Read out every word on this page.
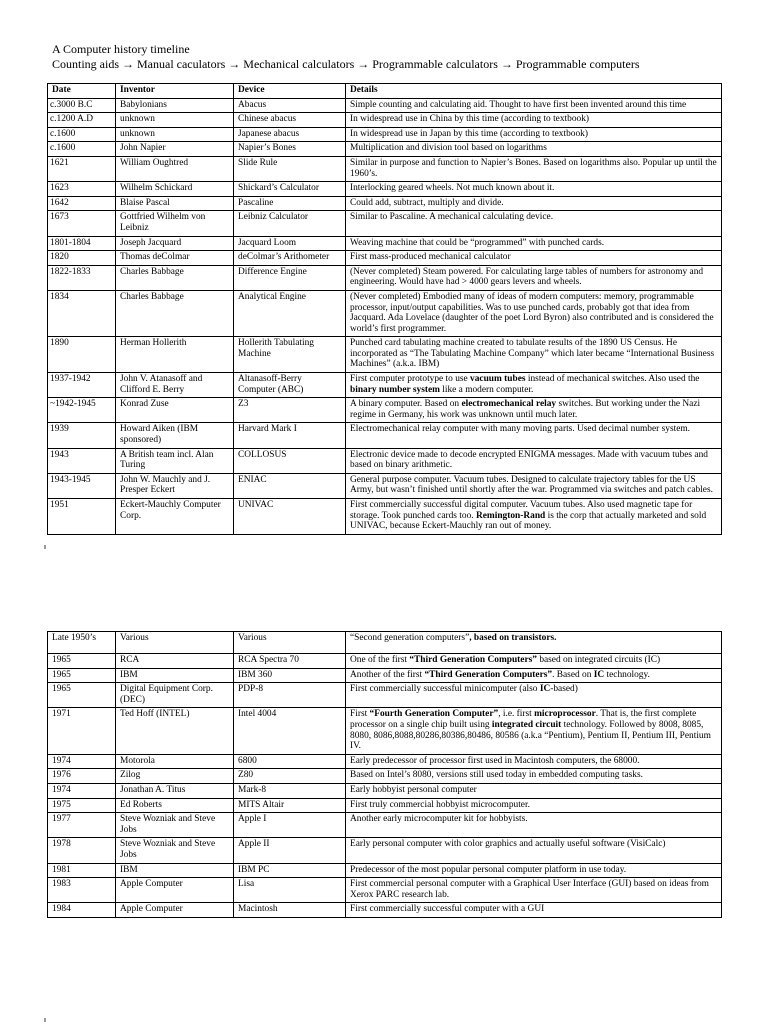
A Computer history timeline
Counting aids → Manual caculators → Mechanical calculators → Programmable calculators → Programmable computers
Date	Inventor	Device	Details
c.3000 B.C	Babylonians	Abacus	Simple counting and calculating aid. Thought to have first been invented around this time
c.1200 A.D	unknown	Chinese abacus	In widespread use in China by this time (according to textbook)
c.1600	unknown	Japanese abacus	In widespread use in Japan by this time (according to textbook)
c.1600	John Napier	Napier’s Bones	Multiplication and division tool based on logarithms
1621	William Oughtred	Slide Rule	Similar in purpose and function to Napier’s Bones. Based on logarithms also. Popular up until the 1960’s.
1623	Wilhelm Schickard	Shickard’s Calculator	Interlocking geared wheels. Not much known about it.
1642	Blaise Pascal	Pascaline	Could add, subtract, multiply and divide.
1673	Gottfried Wilhelm von Leibniz	Leibniz Calculator	Similar to Pascaline. A mechanical calculating device.
1801-1804	Joseph Jacquard	Jacquard Loom	Weaving machine that could be “programmed” with punched cards.
1820	Thomas deColmar	deColmar’s Arithometer	First mass-produced mechanical calculator
1822-1833	Charles Babbage	Difference Engine	(Never completed) Steam powered. For calculating large tables of numbers for astronomy and engineering. Would have had > 4000 gears levers and wheels.
1834	Charles Babbage	Analytical Engine	(Never completed) Embodied many of ideas of modern computers: memory, programmable processor, input/output capabilities. Was to use punched cards, probably got that idea from Jacquard. Ada Lovelace (daughter of the poet Lord Byron) also contributed and is considered the world’s first programmer.
1890	Herman Hollerith	Hollerith Tabulating Machine	Punched card tabulating machine created to tabulate results of the 1890 US Census. He incorporated as “The Tabulating Machine Company” which later became “International Business Machines” (a.k.a. IBM)
1937-1942	John V. Atanasoff and Clifford E. Berry	Altanasoff-Berry Computer (ABC)	First computer prototype to use vacuum tubes instead of mechanical switches. Also used the binary number system like a modern computer.
~1942-1945	Konrad Zuse	Z3	A binary computer. Based on electromechanical relay switches. But working under the Nazi regime in Germany, his work was unknown until much later.
1939	Howard Aiken (IBM sponsored)	Harvard Mark I	Electromechanical relay computer with many moving parts. Used decimal number system.
1943	A British team incl. Alan Turing	COLLOSUS	Electronic device made to decode encrypted ENIGMA messages. Made with vacuum tubes and based on binary arithmetic.
1943-1945	John W. Mauchly and J. Presper Eckert	ENIAC	General purpose computer. Vacuum tubes. Designed to calculate trajectory tables for the US Army, but wasn’t finished until shortly after the war. Programmed via switches and patch cables.
1951	Eckert-Mauchly Computer Corp.	UNIVAC	First commercially successful digital computer. Vacuum tubes. Also used magnetic tape for storage. Took punched cards too. Remington-Rand is the corp that actually marketed and sold UNIVAC, because Eckert-Mauchly ran out of money.
Late 1950’s	Various	Various	“Second generation computers”, based on transistors.
1965	RCA	RCA Spectra 70	One of the first “Third Generation Computers” based on integrated circuits (IC)
1965	IBM	IBM 360	Another of the first “Third Generation Computers”. Based on IC technology.
1965	Digital Equipment Corp. (DEC)	PDP-8	First commercially successful minicomputer (also IC-based)
1971	Ted Hoff (INTEL)	Intel 4004	First “Fourth Generation Computer”, i.e. first microprocessor. That is, the first complete processor on a single chip built using integrated circuit technology. Followed by 8008, 8085, 8080, 8086,8088,80286,80386,80486, 80586 (a.k.a “Pentium), Pentium II, Pentium III, Pentium IV.
1974	Motorola	6800	Early predecessor of processor first used in Macintosh computers, the 68000.
1976	Zilog	Z80	Based on Intel’s 8080, versions still used today in embedded computing tasks.
1974	Jonathan A. Titus	Mark-8	Early hobbyist personal computer
1975	Ed Roberts	MITS Altair	First truly commercial hobbyist microcomputer.
1977	Steve Wozniak and Steve Jobs	Apple I	Another early microcomputer kit for hobbyists.
1978	Steve Wozniak and Steve Jobs	Apple II	Early personal computer with color graphics and actually useful software (VisiCalc)
1981	IBM	IBM PC	Predecessor of the most popular personal computer platform in use today.
1983	Apple Computer	Lisa	First commercial personal computer with a Graphical User Interface (GUI) based on ideas from Xerox PARC research lab.
1984	Apple Computer	Macintosh	First commercially successful computer with a GUI
